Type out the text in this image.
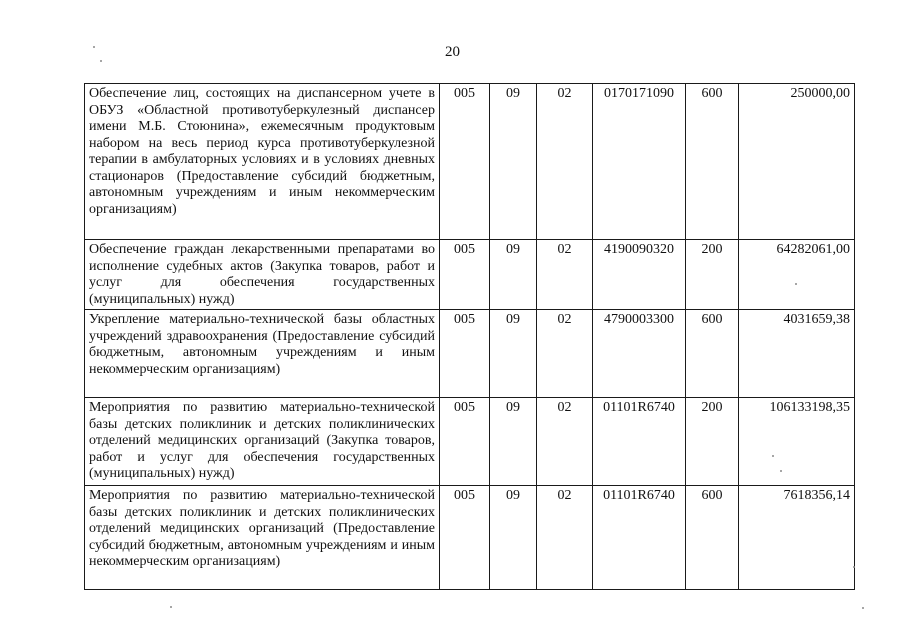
20
Обеспечение лиц, состоящих на диспансерном учете в ОБУЗ «Областной противотуберкулезный диспансер имени М.Б. Стоюнина», ежемесячным продуктовым набором на весь период курса противотуберкулезной терапии в амбулаторных условиях и в условиях дневных стационаров (Предоставление субсидий бюджетным, автономным учреждениям и иным некоммерческим организациям)	005	09	02	0170171090	600	250000,00
Обеспечение граждан лекарственными препаратами во исполнение судебных актов (Закупка товаров, работ и услуг для обеспечения государственных (муниципальных) нужд)	005	09	02	4190090320	200	64282061,00
Укрепление материально-технической базы областных учреждений здравоохранения (Предоставление субсидий бюджетным, автономным учреждениям и иным некоммерческим организациям)	005	09	02	4790003300	600	4031659,38
Мероприятия по развитию материально-технической базы детских поликлиник и детских поликлинических отделений медицинских организаций (Закупка товаров, работ и услуг для обеспечения государственных (муниципальных) нужд)	005	09	02	01101R6740	200	106133198,35
Мероприятия по развитию материально-технической базы детских поликлиник и детских поликлинических отделений медицинских организаций (Предоставление субсидий бюджетным, автономным учреждениям и иным некоммерческим организациям)	005	09	02	01101R6740	600	7618356,14
